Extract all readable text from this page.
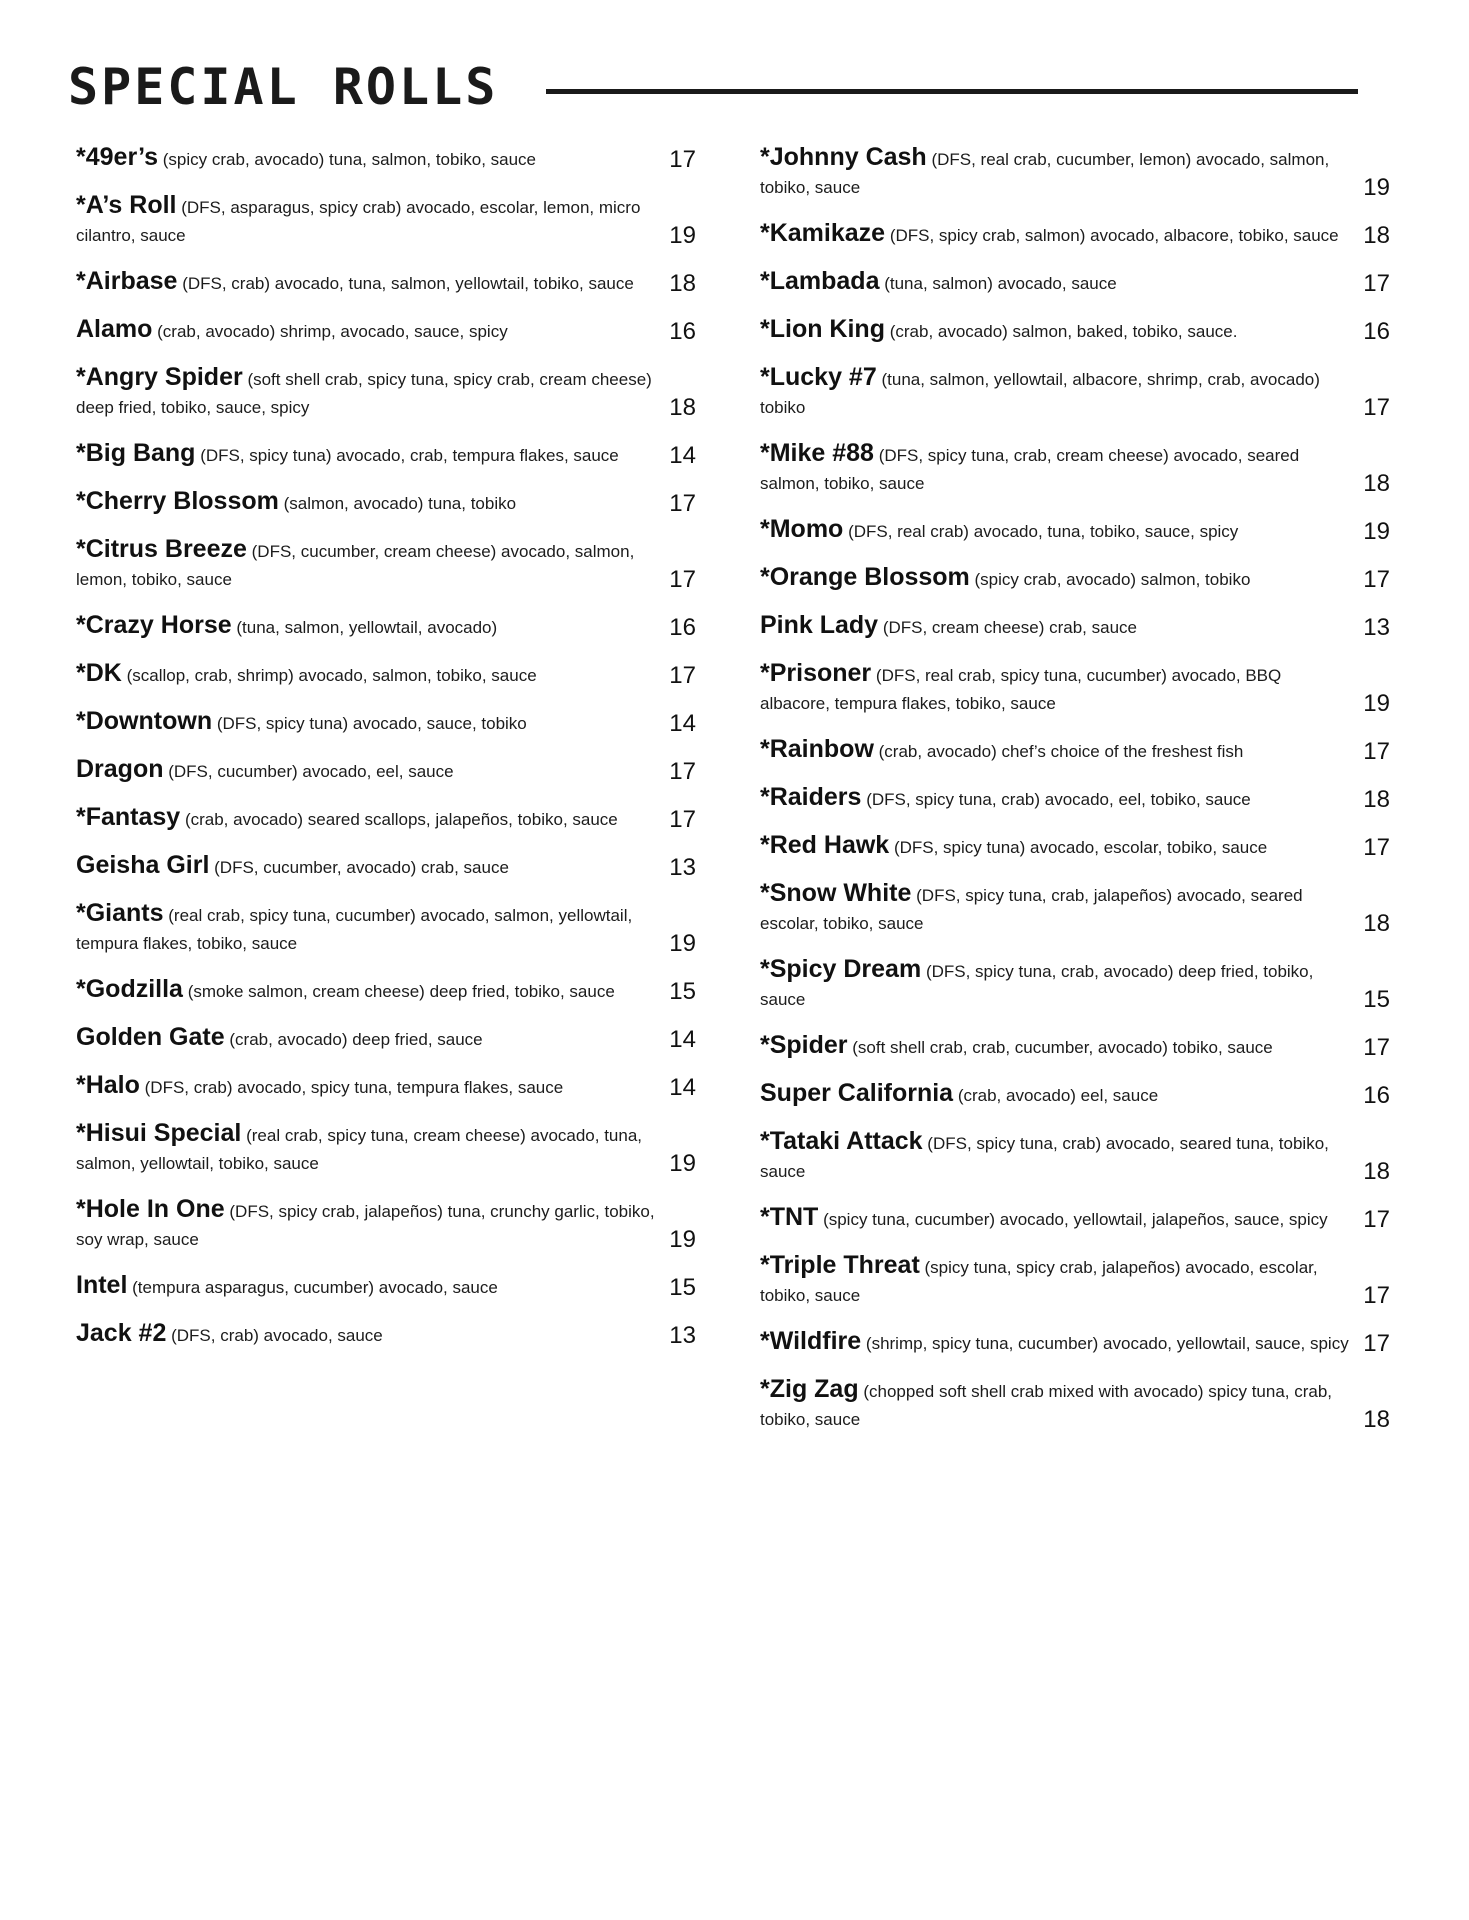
SPECIAL ROLLS
*49er’s (spicy crab, avocado) tuna, salmon, tobiko, sauce	17
*A’s Roll (DFS, asparagus, spicy crab) avocado, escolar, lemon, micro cilantro, sauce	19
*Airbase (DFS, crab) avocado, tuna, salmon, yellowtail, tobiko, sauce	18
Alamo (crab, avocado) shrimp, avocado, sauce, spicy	16
*Angry Spider (soft shell crab, spicy tuna, spicy crab, cream cheese) deep fried, tobiko, sauce, spicy	18
*Big Bang (DFS, spicy tuna) avocado, crab, tempura flakes, sauce	14
*Cherry Blossom (salmon, avocado) tuna, tobiko	17
*Citrus Breeze (DFS, cucumber, cream cheese) avocado, salmon, lemon, tobiko, sauce	17
*Crazy Horse (tuna, salmon, yellowtail, avocado)	16
*DK (scallop, crab, shrimp) avocado, salmon, tobiko, sauce	17
*Downtown (DFS, spicy tuna) avocado, sauce, tobiko	14
Dragon (DFS, cucumber) avocado, eel, sauce	17
*Fantasy (crab, avocado) seared scallops, jalapeños, tobiko, sauce	17
Geisha Girl (DFS, cucumber, avocado) crab, sauce	13
*Giants (real crab, spicy tuna, cucumber) avocado, salmon, yellowtail, tempura flakes, tobiko, sauce	19
*Godzilla (smoke salmon, cream cheese) deep fried, tobiko, sauce	15
Golden Gate (crab, avocado) deep fried, sauce	14
*Halo (DFS, crab) avocado, spicy tuna, tempura flakes, sauce	14
*Hisui Special (real crab, spicy tuna, cream cheese) avocado, tuna, salmon, yellowtail, tobiko, sauce	19
*Hole In One (DFS, spicy crab, jalapeños) tuna, crunchy garlic, tobiko, soy wrap, sauce	19
Intel (tempura asparagus, cucumber) avocado, sauce	15
Jack #2 (DFS, crab) avocado, sauce	13
*Johnny Cash (DFS, real crab, cucumber, lemon) avocado, salmon, tobiko, sauce	19
*Kamikaze (DFS, spicy crab, salmon) avocado, albacore, tobiko, sauce	18
*Lambada (tuna, salmon) avocado, sauce	17
*Lion King (crab, avocado) salmon, baked, tobiko, sauce.	16
*Lucky #7 (tuna, salmon, yellowtail, albacore, shrimp, crab, avocado) tobiko	17
*Mike #88 (DFS, spicy tuna, crab, cream cheese) avocado, seared salmon, tobiko, sauce	18
*Momo (DFS, real crab) avocado, tuna, tobiko, sauce, spicy	19
*Orange Blossom (spicy crab, avocado) salmon, tobiko	17
Pink Lady (DFS, cream cheese) crab, sauce	13
*Prisoner (DFS, real crab, spicy tuna, cucumber) avocado, BBQ albacore, tempura flakes, tobiko, sauce	19
*Rainbow (crab, avocado) chef’s choice of the freshest fish	17
*Raiders (DFS, spicy tuna, crab) avocado, eel, tobiko, sauce	18
*Red Hawk (DFS, spicy tuna) avocado, escolar, tobiko, sauce	17
*Snow White (DFS, spicy tuna, crab, jalapeños) avocado, seared escolar, tobiko, sauce	18
*Spicy Dream (DFS, spicy tuna, crab, avocado) deep fried, tobiko, sauce	15
*Spider (soft shell crab, crab, cucumber, avocado) tobiko, sauce	17
Super California (crab, avocado) eel, sauce	16
*Tataki Attack (DFS, spicy tuna, crab) avocado, seared tuna, tobiko, sauce	18
*TNT (spicy tuna, cucumber) avocado, yellowtail, jalapeños, sauce, spicy	17
*Triple Threat (spicy tuna, spicy crab, jalapeños) avocado, escolar, tobiko, sauce	17
*Wildfire (shrimp, spicy tuna, cucumber) avocado, yellowtail, sauce, spicy 17
*Zig Zag (chopped soft shell crab mixed with avocado) spicy tuna, crab, tobiko, sauce	18
